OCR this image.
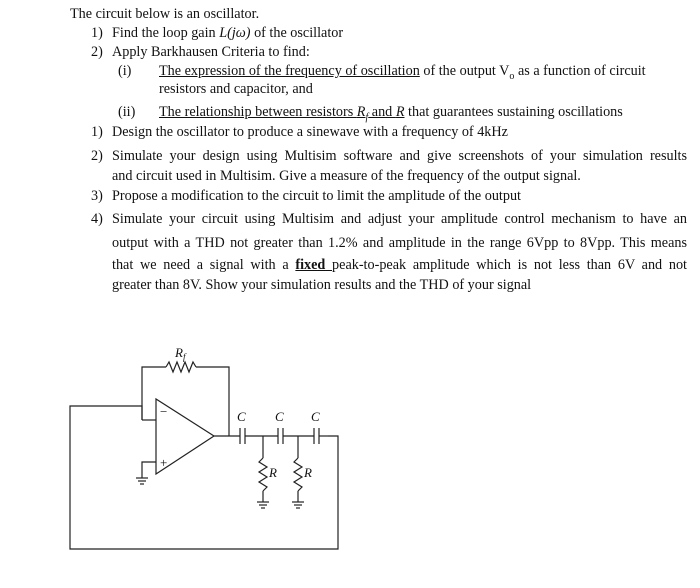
The circuit below is an oscillator.
1) Find the loop gain L(jω) of the oscillator
2) Apply Barkhausen Criteria to find:
(i) The expression of the frequency of oscillation of the output $V_o$ as a function of circuit
resistors and capacitor, and
(ii) The relationship between resistors $R_f$ and R that guarantees sustaining oscillations
1) Design the oscillator to produce a sinewave with a frequency of 4kHz
2) Simulate your design using Multisim software and give screenshots of your simulation results
and circuit used in Multisim. Give a measure of the frequency of the output signal.
3) Propose a modification to the circuit to limit the amplitude of the output
4) Simulate your circuit using Multisim and adjust your amplitude control mechanism to have an
output with a THD not greater than 1.2% and amplitude in the range 6Vpp to 8Vpp. This means
that we need a signal with a fixed peak-to-peak amplitude which is not less than 6V and not
greater than 8V. Show your simulation results and the THD of your signal
$R_f$
−
+
C C C
R R
